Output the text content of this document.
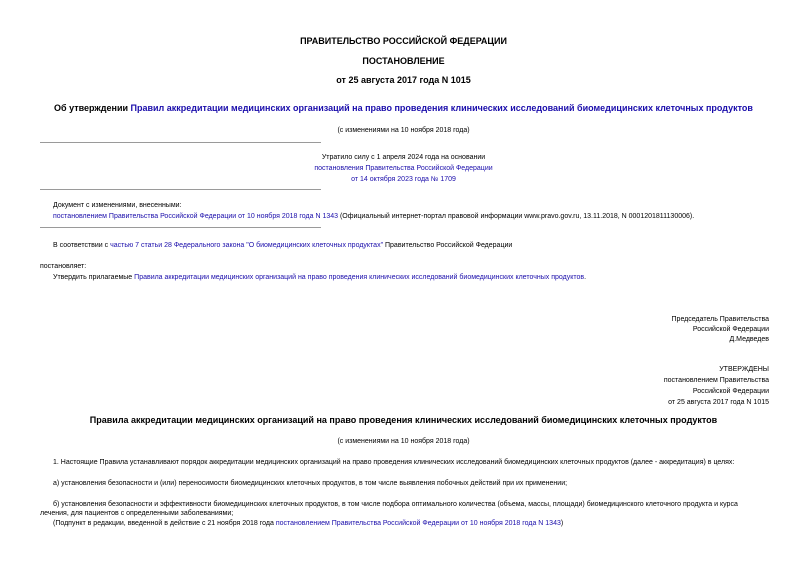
ПРАВИТЕЛЬСТВО РОССИЙСКОЙ ФЕДЕРАЦИИ
ПОСТАНОВЛЕНИЕ
от 25 августа 2017 года N 1015
Об утверждении Правил аккредитации медицинских организаций на право проведения клинических исследований биомедицинских клеточных продуктов
(с изменениями на 10 ноября 2018 года)
Утратило силу с 1 апреля 2024 года на основании
постановления Правительства Российской Федерации
от 14 октября 2023 года № 1709
Документ с изменениями, внесенными:
постановлением Правительства Российской Федерации от 10 ноября 2018 года N 1343 (Официальный интернет-портал правовой информации www.pravo.gov.ru, 13.11.2018, N 0001201811130006).
В соответствии с частью 7 статьи 28 Федерального закона "О биомедицинских клеточных продуктах" Правительство Российской Федерации
постановляет:
Утвердить прилагаемые Правила аккредитации медицинских организаций на право проведения клинических исследований биомедицинских клеточных продуктов.
Председатель Правительства
Российской Федерации
Д.Медведев
УТВЕРЖДЕНЫ
постановлением Правительства
Российской Федерации
от 25 августа 2017 года N 1015
Правила аккредитации медицинских организаций на право проведения клинических исследований биомедицинских клеточных продуктов
(с изменениями на 10 ноября 2018 года)
1. Настоящие Правила устанавливают порядок аккредитации медицинских организаций на право проведения клинических исследований биомедицинских клеточных продуктов (далее - аккредитация) в целях:
а) установления безопасности и (или) переносимости биомедицинских клеточных продуктов, в том числе выявления побочных действий при их применении;
б) установления безопасности и эффективности биомедицинских клеточных продуктов, в том числе подбора оптимального количества (объема, массы, площади) биомедицинского клеточного продукта и курса
лечения, для пациентов с определенными заболеваниями;
(Подпункт в редакции, введенной в действие с 21 ноября 2018 года постановлением Правительства Российской Федерации от 10 ноября 2018 года N 1343)
